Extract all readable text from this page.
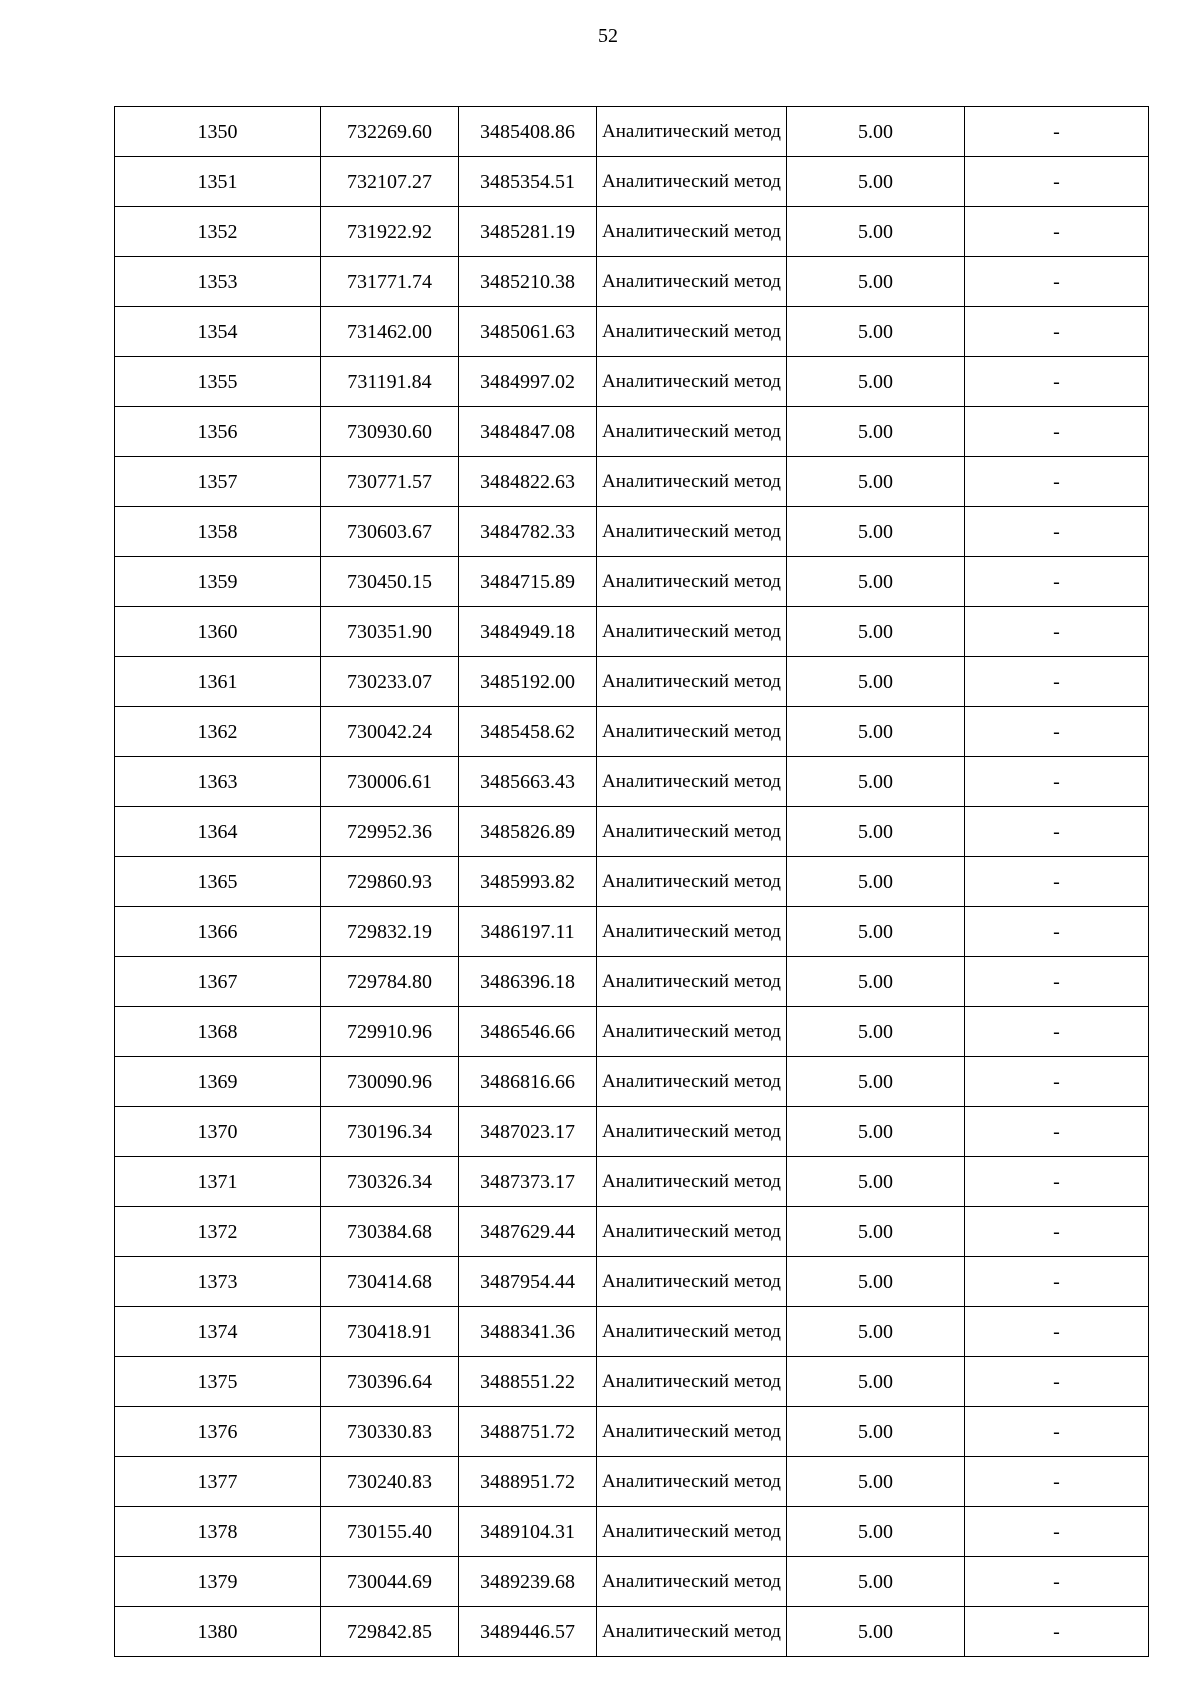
52
1350	732269.60	3485408.86	Аналитический метод	5.00	-
1351	732107.27	3485354.51	Аналитический метод	5.00	-
1352	731922.92	3485281.19	Аналитический метод	5.00	-
1353	731771.74	3485210.38	Аналитический метод	5.00	-
1354	731462.00	3485061.63	Аналитический метод	5.00	-
1355	731191.84	3484997.02	Аналитический метод	5.00	-
1356	730930.60	3484847.08	Аналитический метод	5.00	-
1357	730771.57	3484822.63	Аналитический метод	5.00	-
1358	730603.67	3484782.33	Аналитический метод	5.00	-
1359	730450.15	3484715.89	Аналитический метод	5.00	-
1360	730351.90	3484949.18	Аналитический метод	5.00	-
1361	730233.07	3485192.00	Аналитический метод	5.00	-
1362	730042.24	3485458.62	Аналитический метод	5.00	-
1363	730006.61	3485663.43	Аналитический метод	5.00	-
1364	729952.36	3485826.89	Аналитический метод	5.00	-
1365	729860.93	3485993.82	Аналитический метод	5.00	-
1366	729832.19	3486197.11	Аналитический метод	5.00	-
1367	729784.80	3486396.18	Аналитический метод	5.00	-
1368	729910.96	3486546.66	Аналитический метод	5.00	-
1369	730090.96	3486816.66	Аналитический метод	5.00	-
1370	730196.34	3487023.17	Аналитический метод	5.00	-
1371	730326.34	3487373.17	Аналитический метод	5.00	-
1372	730384.68	3487629.44	Аналитический метод	5.00	-
1373	730414.68	3487954.44	Аналитический метод	5.00	-
1374	730418.91	3488341.36	Аналитический метод	5.00	-
1375	730396.64	3488551.22	Аналитический метод	5.00	-
1376	730330.83	3488751.72	Аналитический метод	5.00	-
1377	730240.83	3488951.72	Аналитический метод	5.00	-
1378	730155.40	3489104.31	Аналитический метод	5.00	-
1379	730044.69	3489239.68	Аналитический метод	5.00	-
1380	729842.85	3489446.57	Аналитический метод	5.00	-
